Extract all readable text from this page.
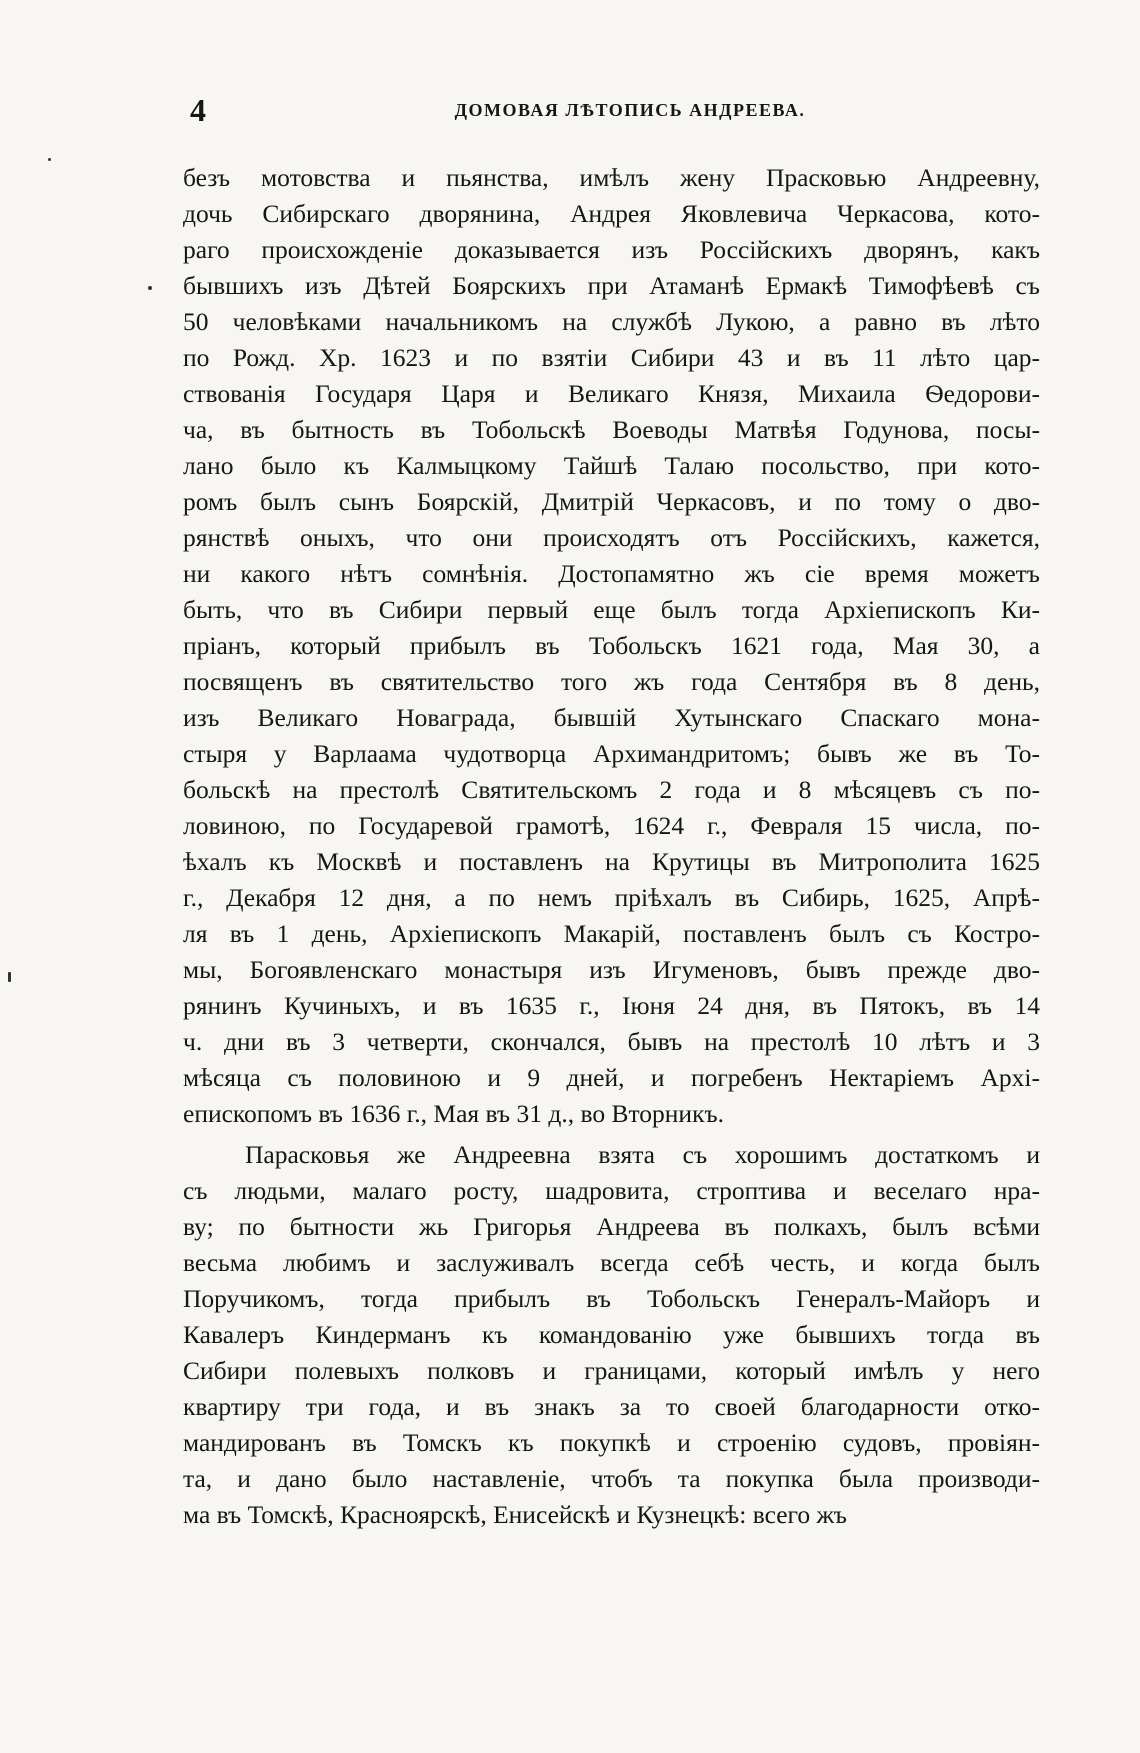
4	ДОМОВАЯ ЛѢТОПИСЬ АНДРЕЕВА.
безъ мотовства и пьянства, имѣлъ жену Прасковью Андреевну,
дочь Сибирскаго дворянина, Андрея Яковлевича Черкасова, кото-
раго происхожденіе доказывается изъ Россійскихъ дворянъ, какъ
бывшихъ изъ Дѣтей Боярскихъ при Атаманѣ Ермакѣ Тимофѣевѣ съ
50 человѣками начальникомъ на службѣ Лукою, а равно въ лѣто
по Рожд. Хр. 1623 и по взятіи Сибири 43 и въ 11 лѣто цар-
ствованія Государя Царя и Великаго Князя, Михаила Ѳедорови-
ча, въ бытность въ Тобольскѣ Воеводы Матвѣя Годунова, посы-
лано было къ Калмыцкому Тайшѣ Талаю посольство, при кото-
ромъ былъ сынъ Боярскій, Дмитрій Черкасовъ, и по тому о дво-
рянствѣ оныхъ, что они происходятъ отъ Россійскихъ, кажется,
ни какого нѣтъ сомнѣнія. Достопамятно жъ сіе время можетъ
быть, что въ Сибири первый еще былъ тогда Архіепископъ Ки-
пріанъ, который прибылъ въ Тобольскъ 1621 года, Мая 30, а
посвященъ въ святительство того жъ года Сентября въ 8 день,
изъ Великаго Новаграда, бывшій Хутынскаго Спаскаго мона-
стыря у Варлаама чудотворца Архимандритомъ; бывъ же въ То-
больскѣ на престолѣ Святительскомъ 2 года и 8 мѣсяцевъ съ по-
ловиною, по Государевой грамотѣ, 1624 г., Февраля 15 числа, по-
ѣхалъ къ Москвѣ и поставленъ на Крутицы въ Митрополита 1625
г., Декабря 12 дня, а по немъ пріѣхалъ въ Сибирь, 1625, Апрѣ-
ля въ 1 день, Архіепископъ Макарій, поставленъ былъ съ Костро-
мы, Богоявленскаго монастыря изъ Игуменовъ, бывъ прежде дво-
рянинъ Кучиныхъ, и въ 1635 г., Іюня 24 дня, въ Пятокъ, въ 14
ч. дни въ 3 четверти, скончался, бывъ на престолѣ 10 лѣтъ и 3
мѣсяца съ половиною и 9 дней, и погребенъ Нектаріемъ Архі-
епископомъ въ 1636 г., Мая въ 31 д., во Вторникъ.
Парасковья же Андреевна взята съ хорошимъ достаткомъ и
съ людьми, малаго росту, шадровита, строптива и веселаго нра-
ву; по бытности жь Григорья Андреева въ полкахъ, былъ всѣми
весьма любимъ и заслуживалъ всегда себѣ честь, и когда былъ
Поручикомъ, тогда прибылъ въ Тобольскъ Генералъ-Майоръ и
Кавалеръ Киндерманъ къ командованію уже бывшихъ тогда въ
Сибири полевыхъ полковъ и границами, который имѣлъ у него
квартиру три года, и въ знакъ за то своей благодарности отко-
мандированъ въ Томскъ къ покупкѣ и строенію судовъ, провіян-
та, и дано было наставленіе, чтобъ та покупка была производи-
ма въ Томскѣ, Красноярскѣ, Енисейскѣ и Кузнецкѣ: всего жъ
